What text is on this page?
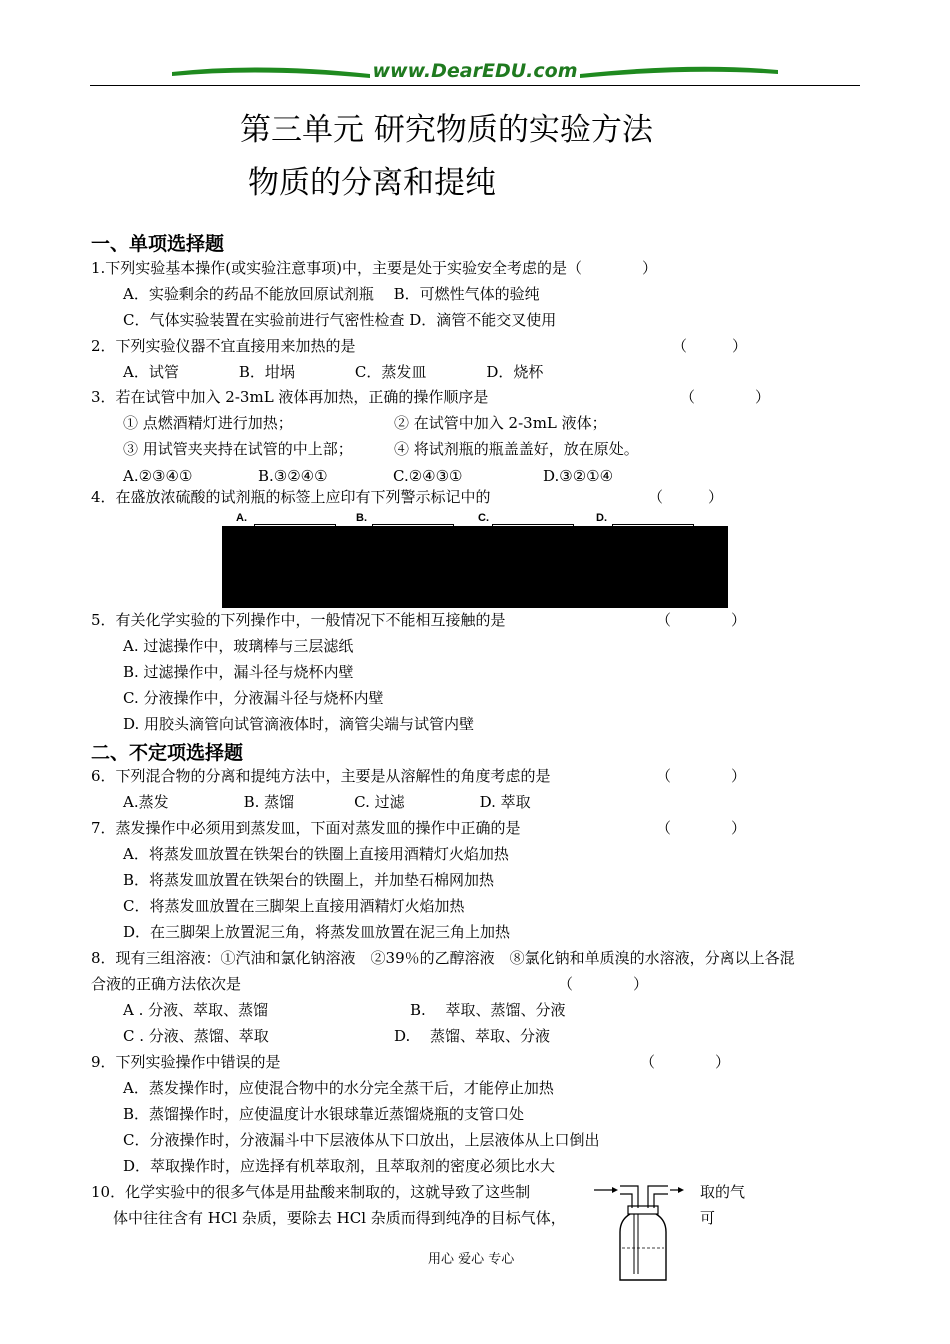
www.DearEDU.com
第三单元 研究物质的实验方法
物质的分离和提纯
一、单项选择题
1.下列实验基本操作(或实验注意事项)中，主要是处于实验安全考虑的是（　　　　）
A．实验剩余的药品不能放回原试剂瓶　 B．可燃性气体的验纯
C．气体实验装置在实验前进行气密性检查 D．滴管不能交叉使用
2．下列实验仪器不宜直接用来加热的是	（　　　）
A．试管　　　　B．坩埚　　　　C．蒸发皿　　　　D．烧杯
3．若在试管中加入 2-3mL 液体再加热，正确的操作顺序是	（　　　　）
① 点燃酒精灯进行加热；	② 在试管中加入 2-3mL 液体；
③ 用试管夹夹持在试管的中上部；	④ 将试剂瓶的瓶盖盖好，放在原处。
A.②③④①	B.③②④①	C.②④③①	D.③②①④
4．在盛放浓硫酸的试剂瓶的标签上应印有下列警示标记中的	（　　　）
A.	B.	C.	D.
5．有关化学实验的下列操作中，一般情况下不能相互接触的是	（　　　　）
A. 过滤操作中，玻璃棒与三层滤纸
B. 过滤操作中，漏斗径与烧杯内壁
C. 分液操作中，分液漏斗径与烧杯内壁
D. 用胶头滴管向试管滴液体时，滴管尖端与试管内壁
二、不定项选择题
6．下列混合物的分离和提纯方法中，主要是从溶解性的角度考虑的是	（　　　　）
A.蒸发　　　　　B. 蒸馏　　　　C. 过滤　　　　　D. 萃取
7．蒸发操作中必须用到蒸发皿，下面对蒸发皿的操作中正确的是	（　　　　）
A．将蒸发皿放置在铁架台的铁圈上直接用酒精灯火焰加热
B．将蒸发皿放置在铁架台的铁圈上，并加垫石棉网加热
C．将蒸发皿放置在三脚架上直接用酒精灯火焰加热
D．在三脚架上放置泥三角，将蒸发皿放置在泥三角上加热
8．现有三组溶液：①汽油和氯化钠溶液　②39％的乙醇溶液　⑧氯化钠和单质溴的水溶液，分离以上各混
合液的正确方法依次是	（　　　　）
A . 分液、萃取、蒸馏	B.　 萃取、蒸馏、分液
C . 分液、蒸馏、萃取	D.　 蒸馏、萃取、分液
9．下列实验操作中错误的是	（　　　　）
A．蒸发操作时，应使混合物中的水分完全蒸干后，才能停止加热
B．蒸馏操作时，应使温度计水银球靠近蒸馏烧瓶的支管口处
C．分液操作时，分液漏斗中下层液体从下口放出，上层液体从上口倒出
D．萃取操作时，应选择有机萃取剂，且萃取剂的密度必须比水大
10．化学实验中的很多气体是用盐酸来制取的，这就导致了这些制	取的气
体中往往含有 HCl 杂质，要除去 HCl 杂质而得到纯净的目标气体，	可
用心 爱心 专心
